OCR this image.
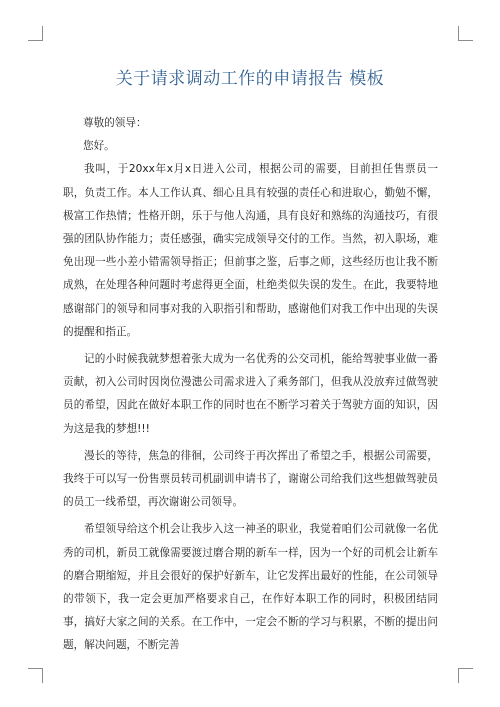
关于请求调动工作的申请报告 模板

尊敬的领导：

您好。

我叫，于20xx年x月x日进入公司，根据公司的需要，目前担任售票员一职，负责工作。本人工作认真、细心且具有较强的责任心和进取心，勤勉不懈，极富工作热情；性格开朗，乐于与他人沟通，具有良好和熟练的沟通技巧，有很强的团队协作能力；责任感强，确实完成领导交付的工作。当然，初入职场，难免出现一些小差小错需领导指正；但前事之鉴，后事之师，这些经历也让我不断成熟，在处理各种问题时考虑得更全面，杜绝类似失误的发生。在此，我要特地感谢部门的领导和同事对我的入职指引和帮助，感谢他们对我工作中出现的失误的提醒和指正。

记的小时候我就梦想着张大成为一名优秀的公交司机，能给驾驶事业做一番贡献，初入公司时因岗位漫漶公司需求进入了乘务部门，但我从没放弃过做驾驶员的希望，因此在做好本职工作的同时也在不断学习着关于驾驶方面的知识，因为这是我的梦想!!!

漫长的等待，焦急的徘徊，公司终于再次挥出了希望之手，根据公司需要，我终于可以写一份售票员转司机副训申请书了，谢谢公司给我们这些想做驾驶员的员工一线希望，再次谢谢公司领导。

希望领导给这个机会让我步入这一神圣的职业，我觉着咱们公司就像一名优秀的司机，新员工就像需要渡过磨合期的新车一样，因为一个好的司机会让新车的磨合期缩短，并且会很好的保护好新车，让它发挥出最好的性能，在公司领导的带领下，我一定会更加严格要求自己，在作好本职工作的同时，积极团结同事，搞好大家之间的关系。在工作中，一定会不断的学习与积累，不断的提出问题，解决问题，不断完善
